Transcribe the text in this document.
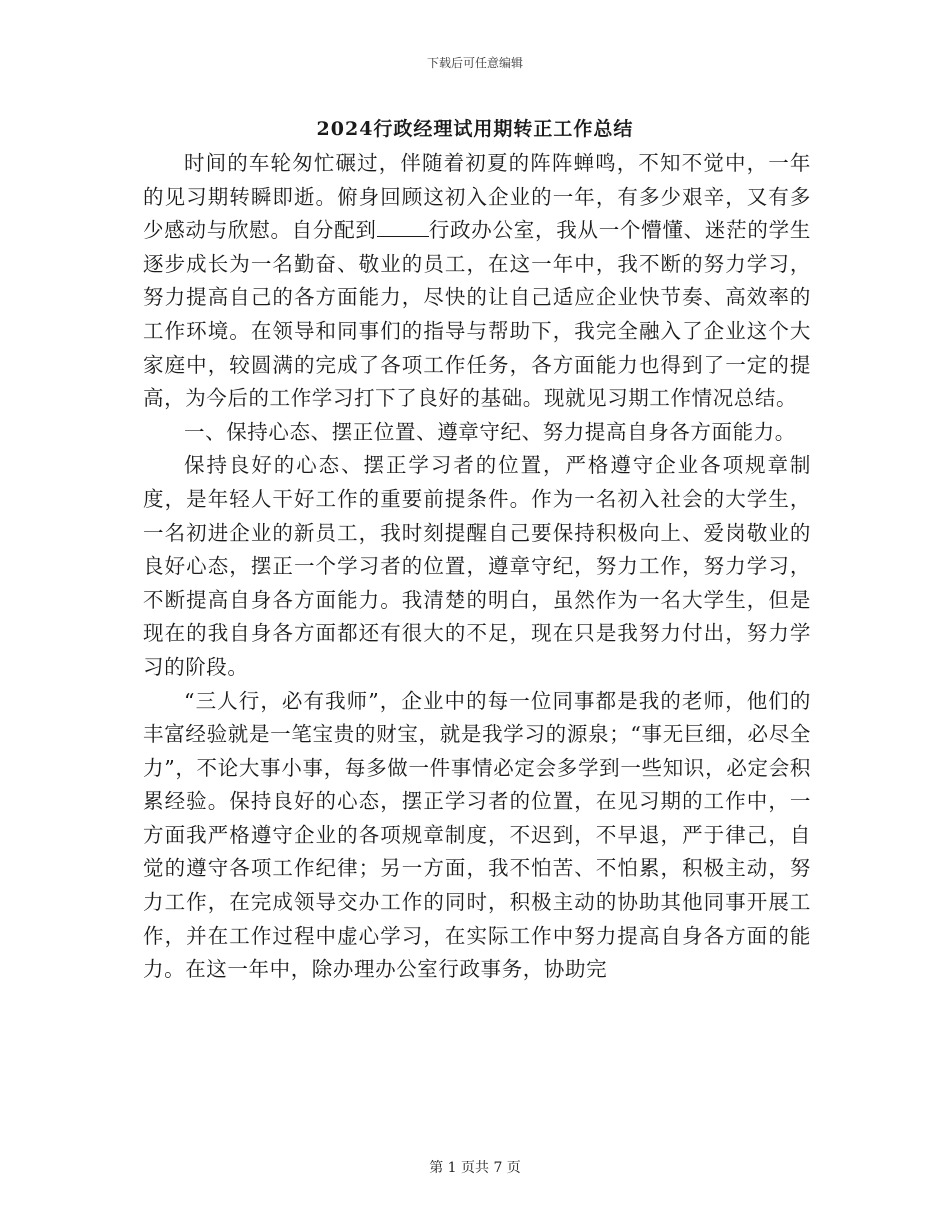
下载后可任意编辑
2024行政经理试用期转正工作总结

时间的车轮匆忙碾过，伴随着初夏的阵阵蝉鸣，不知不觉中，一年的见习期转瞬即逝。俯身回顾这初入企业的一年，有多少艰辛，又有多少感动与欣慰。自分配到	行政办公室，我从一个懵懂、迷茫的学生逐步成长为一名勤奋、敬业的员工，在这一年中，我不断的努力学习，努力提高自己的各方面能力，尽快的让自己适应企业快节奏、高效率的工作环境。在领导和同事们的指导与帮助下，我完全融入了企业这个大家庭中，较圆满的完成了各项工作任务，各方面能力也得到了一定的提高，为今后的工作学习打下了良好的基础。现就见习期工作情况总结。

一、保持心态、摆正位置、遵章守纪、努力提高自身各方面能力。

保持良好的心态、摆正学习者的位置，严格遵守企业各项规章制度，是年轻人干好工作的重要前提条件。作为一名初入社会的大学生，一名初进企业的新员工，我时刻提醒自己要保持积极向上、爱岗敬业的良好心态，摆正一个学习者的位置，遵章守纪，努力工作，努力学习，不断提高自身各方面能力。我清楚的明白，虽然作为一名大学生，但是现在的我自身各方面都还有很大的不足，现在只是我努力付出，努力学习的阶段。

“三人行，必有我师”，企业中的每一位同事都是我的老师，他们的丰富经验就是一笔宝贵的财宝，就是我学习的源泉；“事无巨细，必尽全力”，不论大事小事，每多做一件事情必定会多学到一些知识，必定会积累经验。保持良好的心态，摆正学习者的位置，在见习期的工作中，一方面我严格遵守企业的各项规章制度，不迟到，不早退，严于律己，自觉的遵守各项工作纪律；另一方面，我不怕苦、不怕累，积极主动，努力工作，在完成领导交办工作的同时，积极主动的协助其他同事开展工作，并在工作过程中虚心学习，在实际工作中努力提高自身各方面的能力。在这一年中，除办理办公室行政事务，协助完

第 1 页共 7 页
